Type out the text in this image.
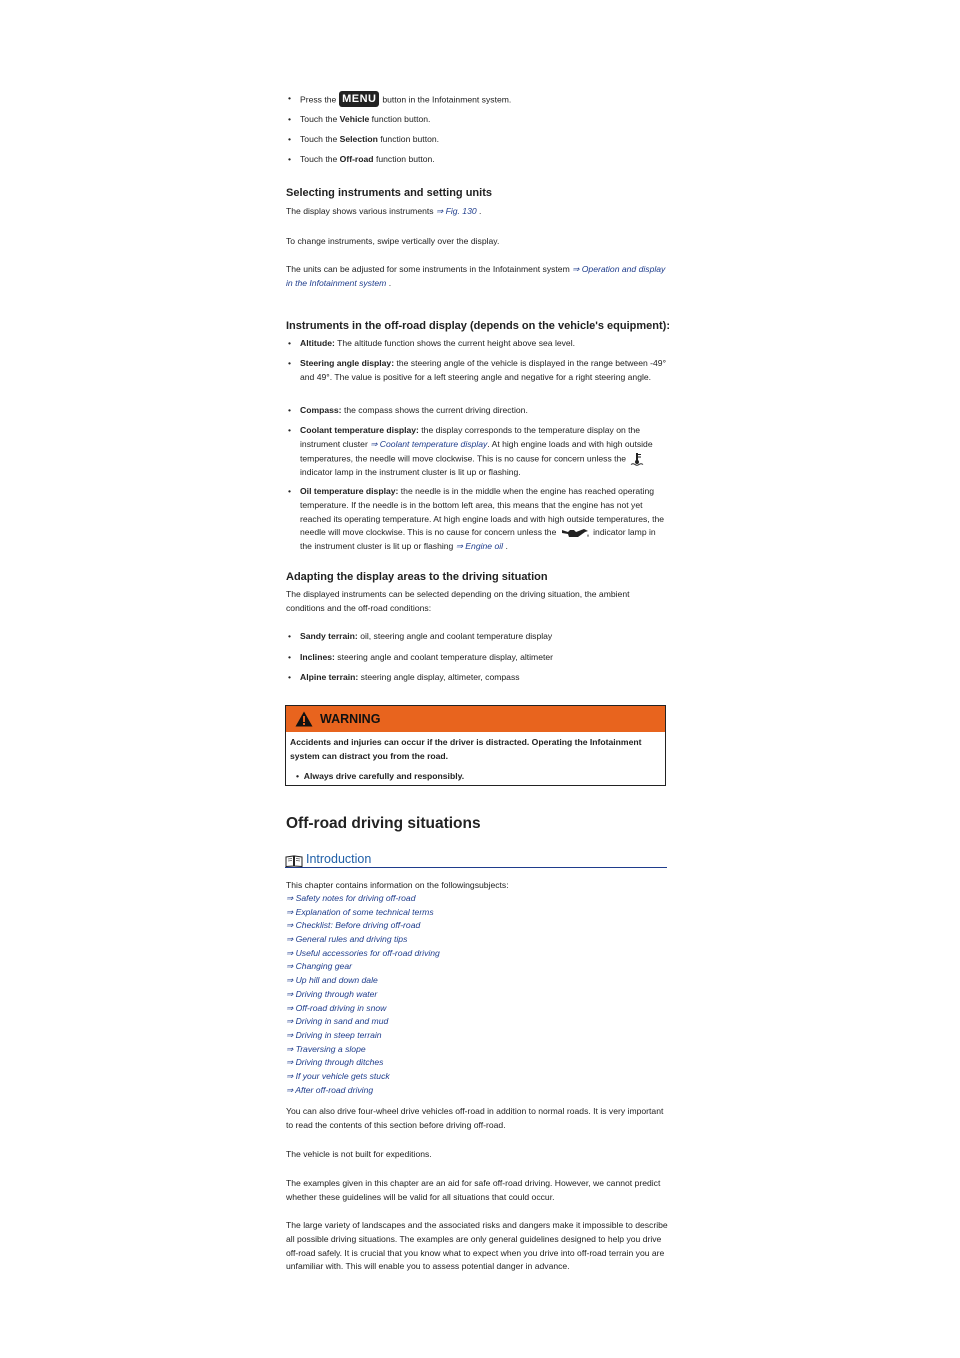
• Press the MENU button in the Infotainment system.
• Touch the Vehicle function button.
• Touch the Selection function button.
• Touch the Off-road function button.
Selecting instruments and setting units
The display shows various instruments ⇒ Fig. 130 .
To change instruments, swipe vertically over the display.
The units can be adjusted for some instruments in the Infotainment system ⇒ Operation and display in the Infotainment system .
Instruments in the off-road display (depends on the vehicle's equipment):
• Altitude: The altitude function shows the current height above sea level.
• Steering angle display: the steering angle of the vehicle is displayed in the range between -49° and 49°. The value is positive for a left steering angle and negative for a right steering angle.
• Compass: the compass shows the current driving direction.
• Coolant temperature display: the display corresponds to the temperature display on the instrument cluster ⇒ Coolant temperature display. At high engine loads and with high outside temperatures, the needle will move clockwise. This is no cause for concern unless the  indicator lamp in the instrument cluster is lit up or flashing.
• Oil temperature display: the needle is in the middle when the engine has reached operating temperature. If the needle is in the bottom left area, this means that the engine has not yet reached its operating temperature. At high engine loads and with high outside temperatures, the needle will move clockwise. This is no cause for concern unless the	indicator lamp in the instrument cluster is lit up or flashing ⇒ Engine oil .
Adapting the display areas to the driving situation
The displayed instruments can be selected depending on the driving situation, the ambient conditions and the off-road conditions:
• Sandy terrain: oil, steering angle and coolant temperature display
• Inclines: steering angle and coolant temperature display, altimeter
• Alpine terrain: steering angle display, altimeter, compass
WARNING
Accidents and injuries can occur if the driver is distracted. Operating the Infotainment system can distract you from the road.
•  Always drive carefully and responsibly.
Off-road driving situations
Introduction
This chapter contains information on the followingsubjects:
⇒ Safety notes for driving off-road
⇒ Explanation of some technical terms
⇒ Checklist: Before driving off-road
⇒ General rules and driving tips
⇒ Useful accessories for off-road driving
⇒ Changing gear
⇒ Up hill and down dale
⇒ Driving through water
⇒ Off-road driving in snow
⇒ Driving in sand and mud
⇒ Driving in steep terrain
⇒ Traversing a slope
⇒ Driving through ditches
⇒ If your vehicle gets stuck
⇒ After off-road driving
You can also drive four-wheel drive vehicles off-road in addition to normal roads. It is very important to read the contents of this section before driving off-road.
The vehicle is not built for expeditions.
The examples given in this chapter are an aid for safe off-road driving. However, we cannot predict whether these guidelines will be valid for all situations that could occur.
The large variety of landscapes and the associated risks and dangers make it impossible to describe all possible driving situations. The examples are only general guidelines designed to help you drive off-road safely. It is crucial that you know what to expect when you drive into off-road terrain you are unfamiliar with. This will enable you to assess potential danger in advance.
